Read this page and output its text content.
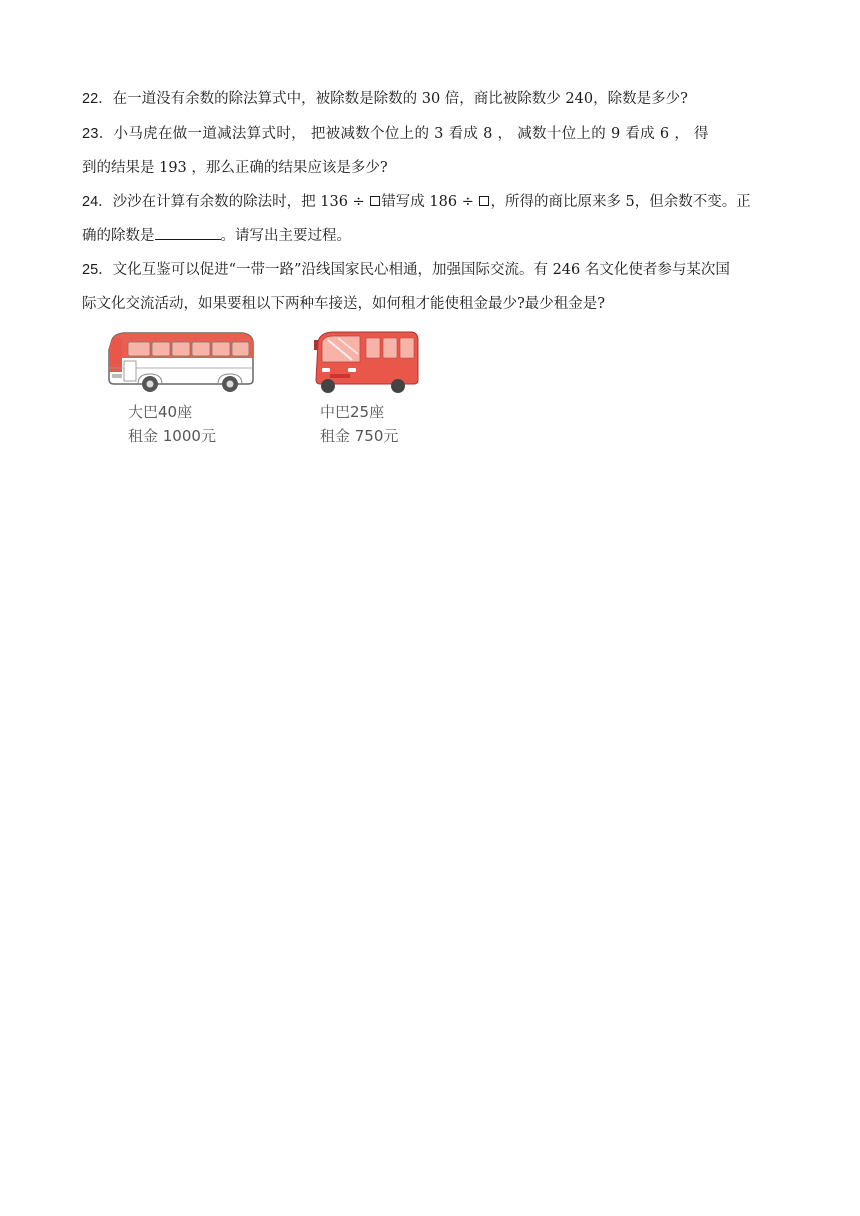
22．在一道没有余数的除法算式中，被除数是除数的 30 倍，商比被除数少 240，除数是多少?
23．小马虎在做一道减法算式时， 把被减数个位上的 3 看成 8 ， 减数十位上的 9 看成 6 ， 得
到的结果是 193 ，那么正确的结果应该是多少?
24．沙沙在计算有余数的除法时，把 136 ÷ 错写成 186 ÷ ，所得的商比原来多 5，但余数不变。正
确的除数是	。请写出主要过程。
25．文化互鉴可以促进“一带一路”沿线国家民心相通，加强国际交流。有 246 名文化使者参与某次国
际文化交流活动，如果要租以下两种车接送，如何租才能使租金最少?最少租金是?
大巴40座
租金 1000元
中巴25座
租金 750元
